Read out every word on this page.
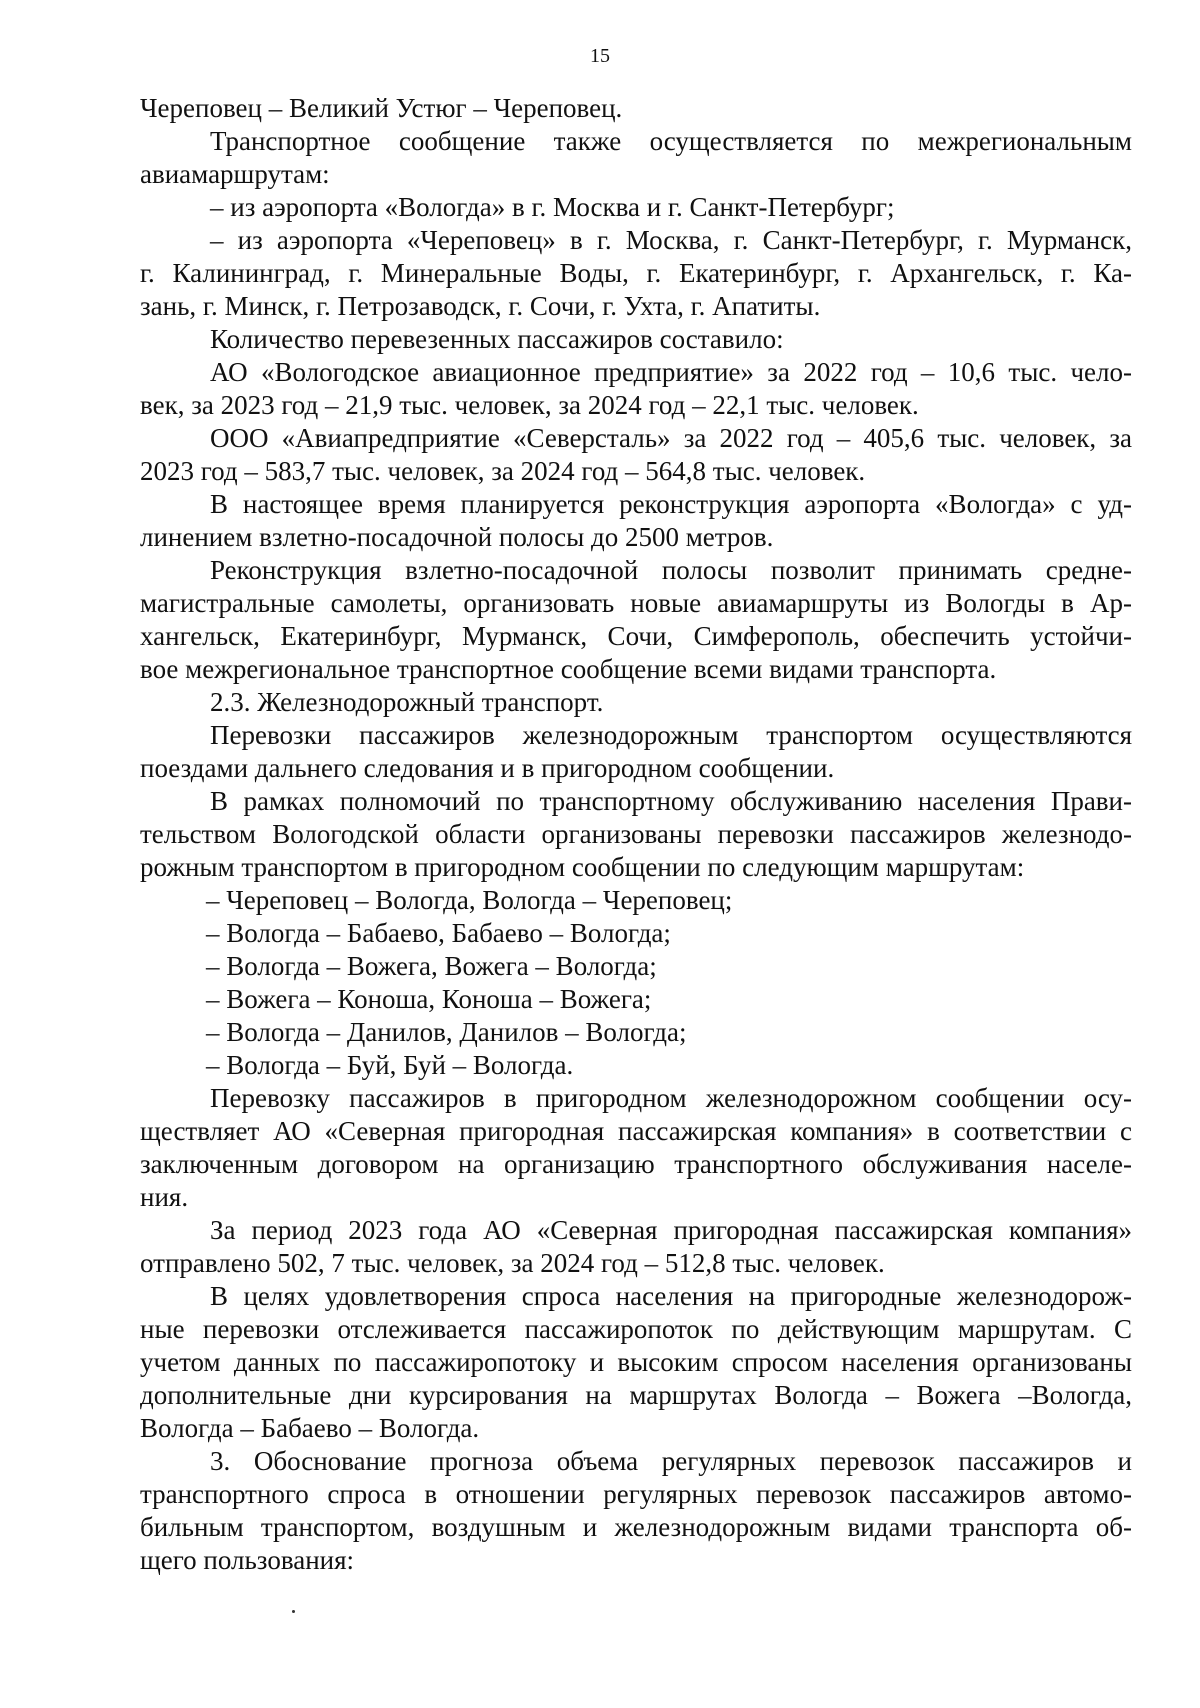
15

Череповец – Великий Устюг – Череповец.

Транспортное сообщение также осуществляется по межрегиональным

авиамаршрутам:

– из аэропорта «Вологда» в г. Москва и г. Санкт-Петербург;

– из аэропорта «Череповец» в г. Москва, г. Санкт-Петербург, г. Мурманск,

г. Калининград, г. Минеральные Воды, г. Екатеринбург, г. Архангельск, г. Ка-

зань, г. Минск, г. Петрозаводск, г. Сочи, г. Ухта, г. Апатиты.

Количество перевезенных пассажиров составило:

АО «Вологодское авиационное предприятие» за 2022 год – 10,6 тыс. чело-

век, за 2023 год – 21,9 тыс. человек, за 2024 год – 22,1 тыс. человек.

ООО «Авиапредприятие «Северсталь» за 2022 год – 405,6 тыс. человек, за

2023 год – 583,7 тыс. человек, за 2024 год – 564,8 тыс. человек.

В настоящее время планируется реконструкция аэропорта «Вологда» с уд-

линением взлетно-посадочной полосы до 2500 метров.

Реконструкция взлетно-посадочной полосы позволит принимать средне-

магистральные самолеты, организовать новые авиамаршруты из Вологды в Ар-

хангельск, Екатеринбург, Мурманск, Сочи, Симферополь, обеспечить устойчи-

вое межрегиональное транспортное сообщение всеми видами транспорта.

2.3. Железнодорожный транспорт.

Перевозки пассажиров железнодорожным транспортом осуществляются

поездами дальнего следования и в пригородном сообщении.

В рамках полномочий по транспортному обслуживанию населения Прави-

тельством Вологодской области организованы перевозки пассажиров железнодо-

рожным транспортом в пригородном сообщении по следующим маршрутам:

– Череповец – Вологда, Вологда – Череповец;
– Вологда – Бабаево, Бабаево – Вологда;
– Вологда – Вожега, Вожега – Вологда;
– Вожега – Коноша, Коноша – Вожега;
– Вологда – Данилов, Данилов – Вологда;
– Вологда – Буй, Буй – Вологда.

Перевозку пассажиров в пригородном железнодорожном сообщении осу-

ществляет АО «Северная пригородная пассажирская компания» в соответствии с

заключенным договором на организацию транспортного обслуживания населе-

ния.

За период 2023 года АО «Северная пригородная пассажирская компания»

отправлено 502, 7 тыс. человек, за 2024 год – 512,8 тыс. человек.

В целях удовлетворения спроса населения на пригородные железнодорож-

ные перевозки отслеживается пассажиропоток по действующим маршрутам. С

учетом данных по пассажиропотоку и высоким спросом населения организованы

дополнительные дни курсирования на маршрутах Вологда – Вожега –Вологда,

Вологда – Бабаево – Вологда.

3. Обоснование прогноза объема регулярных перевозок пассажиров и

транспортного спроса в отношении регулярных перевозок пассажиров автомо-

бильным транспортом, воздушным и железнодорожным видами транспорта об-

щего пользования:
